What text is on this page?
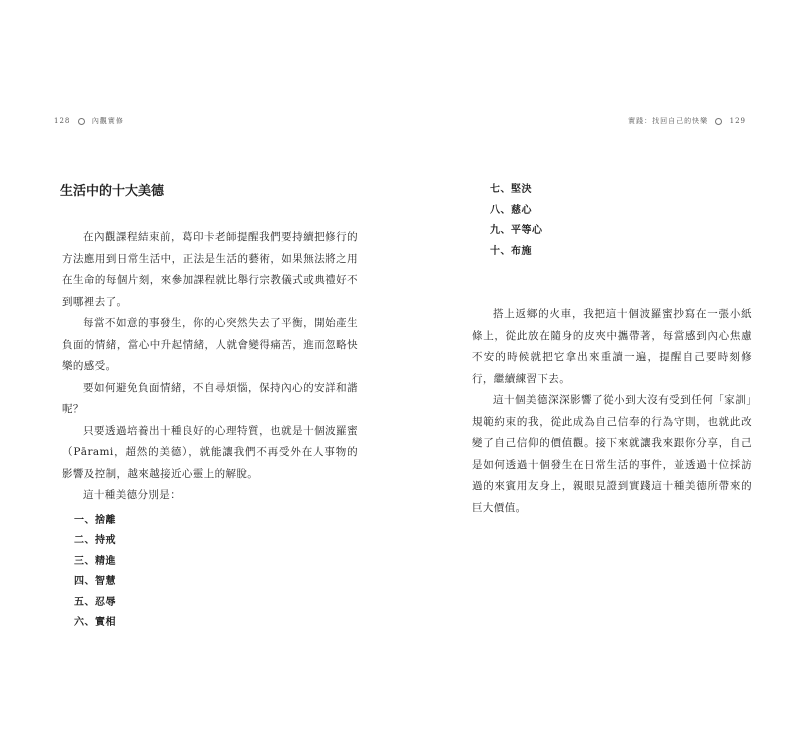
128	內觀實修	實踐：找回自己的快樂	129
生活中的十大美德

在內觀課程結束前，葛印卡老師提醒我們要持續把修行的方法應用到日常生活中，正法是生活的藝術，如果無法將之用在生命的每個片刻，來參加課程就比舉行宗教儀式或典禮好不到哪裡去了。

每當不如意的事發生，你的心突然失去了平衡，開始產生負面的情緒，當心中升起情緒，人就會變得痛苦，進而忽略快樂的感受。

要如何避免負面情緒，不自尋煩惱，保持內心的安詳和諧呢？

只要透過培養出十種良好的心理特質，也就是十個波羅蜜（Pārami，超然的美德），就能讓我們不再受外在人事物的影響及控制，越來越接近心靈上的解脫。

這十種美德分別是：

一、捨離
二、持戒
三、精進
四、智慧
五、忍辱
六、實相
七、堅決
八、慈心
九、平等心
十、布施

搭上返鄉的火車，我把這十個波羅蜜抄寫在一張小紙條上，從此放在隨身的皮夾中攜帶著，每當感到內心焦慮不安的時候就把它拿出來重讀一遍，提醒自己要時刻修行，繼續練習下去。

這十個美德深深影響了從小到大沒有受到任何「家訓」規範約束的我，從此成為自己信奉的行為守則，也就此改變了自己信仰的價值觀。接下來就讓我來跟你分享，自己是如何透過十個發生在日常生活的事件，並透過十位採訪過的來賓用友身上，親眼見證到實踐這十種美德所帶來的巨大價值。
